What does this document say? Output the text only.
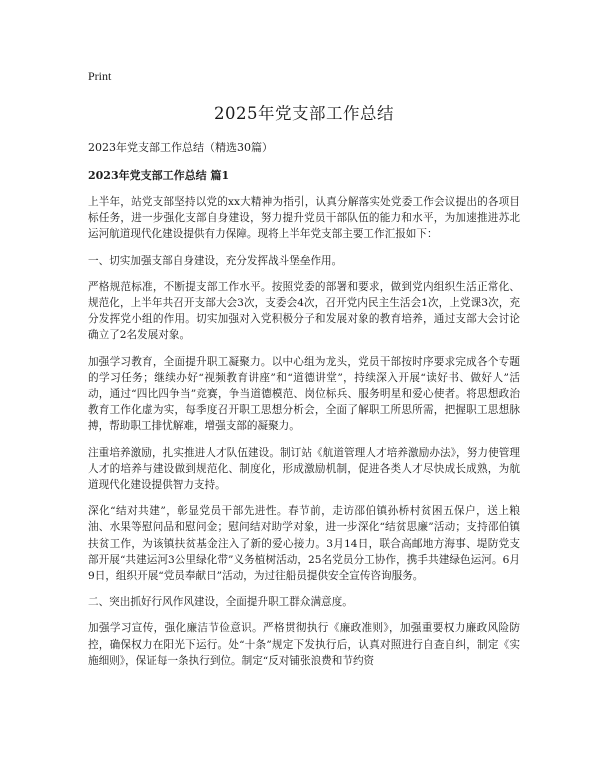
Print
2025年党支部工作总结
2023年党支部工作总结（精选30篇）
2023年党支部工作总结 篇1

上半年，站党支部坚持以党的xx大精神为指引，认真分解落实处党委工作会议提出的各项目标任务，进一步强化支部自身建设，努力提升党员干部队伍的能力和水平，为加速推进苏北运河航道现代化建设提供有力保障。现将上半年党支部主要工作汇报如下：

一、切实加强支部自身建设，充分发挥战斗堡垒作用。

严格规范标准，不断提支部工作水平。按照党委的部署和要求，做到党内组织生活正常化、规范化，上半年共召开支部大会3次，支委会4次，召开党内民主生活会1次，上党课3次，充分发挥党小组的作用。切实加强对入党积极分子和发展对象的教育培养，通过支部大会讨论确立了2名发展对象。

加强学习教育，全面提升职工凝聚力。以中心组为龙头，党员干部按时序要求完成各个专题的学习任务；继续办好“视频教育讲座”和“道德讲堂”，持续深入开展“读好书、做好人”活动，通过“四比四争当”竞赛，争当道德模范、岗位标兵、服务明星和爱心使者。将思想政治教育工作化虚为实，每季度召开职工思想分析会，全面了解职工所思所需，把握职工思想脉搏，帮助职工排忧解难，增强支部的凝聚力。

注重培养激励，扎实推进人才队伍建设。制订站《航道管理人才培养激励办法》，努力使管理人才的培养与建设做到规范化、制度化，形成激励机制，促进各类人才尽快成长成熟，为航道现代化建设提供智力支持。

深化“结对共建”，彰显党员干部先进性。春节前，走访邵伯镇孙桥村贫困五保户，送上粮油、水果等慰问品和慰问金；慰问结对助学对象，进一步深化“结贫思廉”活动；支持邵伯镇扶贫工作，为该镇扶贫基金注入了新的爱心接力。3月14日，联合高邮地方海事、堤防党支部开展“共建运河3公里绿化带”义务植树活动，25名党员分工协作，携手共建绿色运河。6月9日，组织开展“党员奉献日”活动，为过往船员提供安全宣传咨询服务。

二、突出抓好行风作风建设，全面提升职工群众满意度。

加强学习宣传，强化廉洁节俭意识。严格贯彻执行《廉政准则》，加强重要权力廉政风险防控，确保权力在阳光下运行。处“十条”规定下发执行后，认真对照进行自查自纠，制定《实施细则》，保证每一条执行到位。制定“反对铺张浪费和节约资
